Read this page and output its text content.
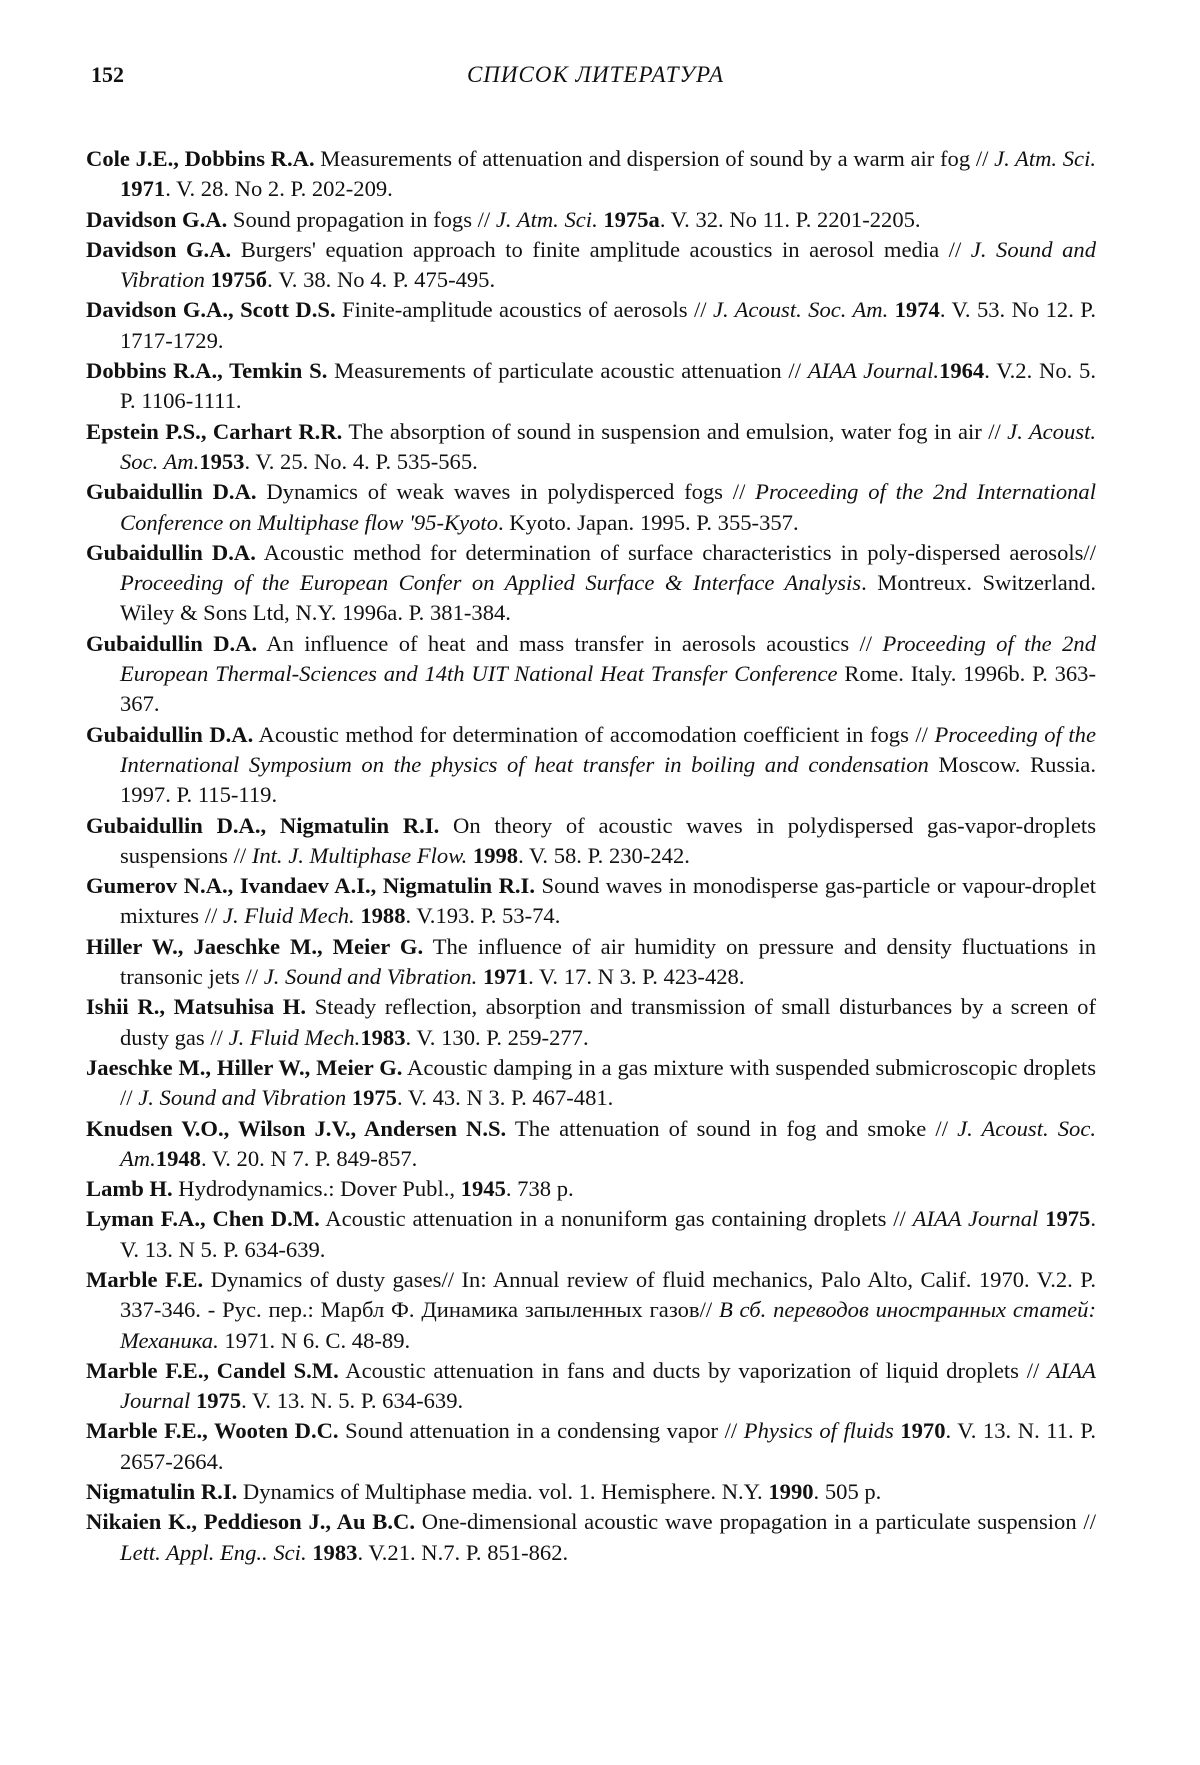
152	СПИСОК ЛИТЕРАТУРА
Cole J.E., Dobbins R.A. Measurements of attenuation and dispersion of sound by a warm air fog // J. Atm. Sci. 1971. V. 28. No 2. P. 202-209.
Davidson G.A. Sound propagation in fogs // J. Atm. Sci. 1975a. V. 32. No 11. P. 2201-2205.
Davidson G.A. Burgers' equation approach to finite amplitude acoustics in aerosol media // J. Sound and Vibration 1975б. V. 38. No 4. P. 475-495.
Davidson G.A., Scott D.S. Finite-amplitude acoustics of aerosols // J. Acoust. Soc. Am. 1974. V. 53. No 12. P. 1717-1729.
Dobbins R.A., Temkin S. Measurements of particulate acoustic attenuation // AIAA Journal.1964. V.2. No. 5. P. 1106-1111.
Epstein P.S., Carhart R.R. The absorption of sound in suspension and emulsion, water fog in air // J. Acoust. Soc. Am.1953. V. 25. No. 4. P. 535-565.
Gubaidullin D.A. Dynamics of weak waves in polydisperced fogs // Proceeding of the 2nd International Conference on Multiphase flow '95-Kyoto. Kyoto. Japan. 1995. P. 355-357.
Gubaidullin D.A. Acoustic method for determination of surface characteristics in poly-dispersed aerosols// Proceeding of the European Confer on Applied Surface & Interface Analysis. Montreux. Switzerland. Wiley & Sons Ltd, N.Y. 1996a. P. 381-384.
Gubaidullin D.A. An influence of heat and mass transfer in aerosols acoustics // Proceeding of the 2nd European Thermal-Sciences and 14th UIT National Heat Transfer Conference Rome. Italy. 1996b. P. 363-367.
Gubaidullin D.A. Acoustic method for determination of accomodation coefficient in fogs // Proceeding of the International Symposium on the physics of heat transfer in boiling and condensation Moscow. Russia. 1997. P. 115-119.
Gubaidullin D.A., Nigmatulin R.I. On theory of acoustic waves in polydispersed gas-vapor-droplets suspensions // Int. J. Multiphase Flow. 1998. V. 58. P. 230-242.
Gumerov N.A., Ivandaev A.I., Nigmatulin R.I. Sound waves in monodisperse gas-particle or vapour-droplet mixtures // J. Fluid Mech. 1988. V.193. P. 53-74.
Hiller W., Jaeschke M., Meier G. The influence of air humidity on pressure and density fluctuations in transonic jets // J. Sound and Vibration. 1971. V. 17. N 3. P. 423-428.
Ishii R., Matsuhisa H. Steady reflection, absorption and transmission of small disturbances by a screen of dusty gas // J. Fluid Mech.1983. V. 130. P. 259-277.
Jaeschke M., Hiller W., Meier G. Acoustic damping in a gas mixture with suspended submicroscopic droplets // J. Sound and Vibration 1975. V. 43. N 3. P. 467-481.
Knudsen V.O., Wilson J.V., Andersen N.S. The attenuation of sound in fog and smoke // J. Acoust. Soc. Am.1948. V. 20. N 7. P. 849-857.
Lamb H. Hydrodynamics.: Dover Publ., 1945. 738 p.
Lyman F.A., Chen D.M. Acoustic attenuation in a nonuniform gas containing droplets // AIAA Journal 1975. V. 13. N 5. P. 634-639.
Marble F.E. Dynamics of dusty gases// In: Annual review of fluid mechanics, Palo Alto, Calif. 1970. V.2. P. 337-346. - Рус. пер.: Марбл Ф. Динамика запыленных газов// В сб. переводов иностранных статей: Механика. 1971. N 6. С. 48-89.
Marble F.E., Candel S.M. Acoustic attenuation in fans and ducts by vaporization of liquid droplets // AIAA Journal 1975. V. 13. N. 5. P. 634-639.
Marble F.E., Wooten D.C. Sound attenuation in a condensing vapor // Physics of fluids 1970. V. 13. N. 11. P. 2657-2664.
Nigmatulin R.I. Dynamics of Multiphase media. vol. 1. Hemisphere. N.Y. 1990. 505 p.
Nikaien K., Peddieson J., Au B.C. One-dimensional acoustic wave propagation in a particulate suspension // Lett. Appl. Eng.. Sci. 1983. V.21. N.7. P. 851-862.
